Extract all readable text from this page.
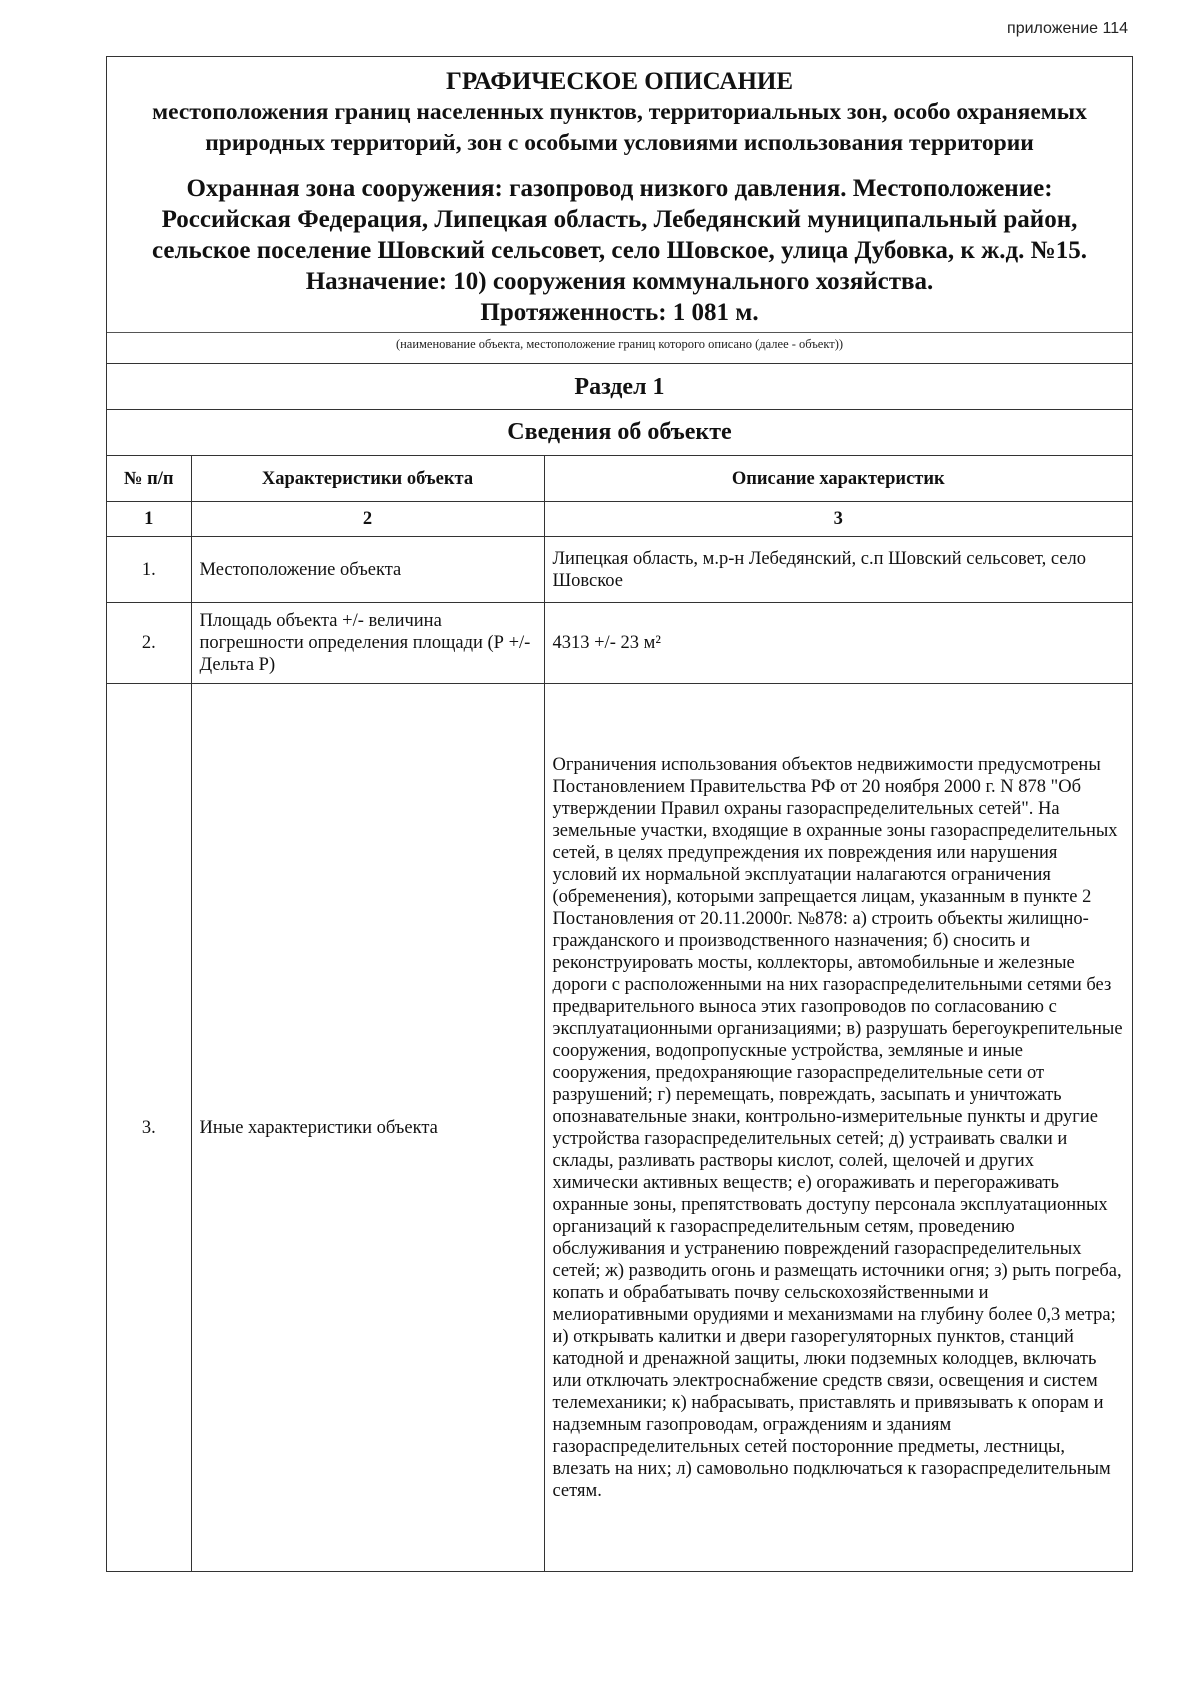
приложение 114
ГРАФИЧЕСКОЕ ОПИСАНИЕ
местоположения границ населенных пунктов, территориальных зон, особо охраняемых природных территорий, зон с особыми условиями использования территории
Охранная зона сооружения: газопровод низкого давления. Местоположение: Российская Федерация, Липецкая область, Лебедянский муниципальный район, сельское поселение Шовский сельсовет, село Шовское, улица Дубовка, к ж.д. №15. Назначение: 10) сооружения коммунального хозяйства.
Протяженность: 1 081 м.
(наименование объекта, местоположение границ которого описано (далее - объект))
Раздел 1
Сведения об объекте
№ п/п	Характеристики объекта	Описание характеристик
1	2	3
1.	Местоположение объекта	Липецкая область, м.р-н Лебедянский, с.п Шовский сельсовет, село Шовское
2.	Площадь объекта +/- величина погрешности определения площади (Р +/- Дельта Р)	4313 +/- 23 м²
3.	Иные характеристики объекта	Ограничения использования объектов недвижимости предусмотрены Постановлением Правительства РФ от 20 ноября 2000 г. N 878 "Об утверждении Правил охраны газораспределительных сетей". На земельные участки, входящие в охранные зоны газораспределительных сетей, в целях предупреждения их повреждения или нарушения условий их нормальной эксплуатации налагаются ограничения (обременения), которыми запрещается лицам, указанным в пункте 2 Постановления от 20.11.2000г. №878: а) строить объекты жилищно-гражданского и производственного назначения; б) сносить и реконструировать мосты, коллекторы, автомобильные и железные дороги с расположенными на них газораспределительными сетями без предварительного выноса этих газопроводов по согласованию с эксплуатационными организациями; в) разрушать берегоукрепительные сооружения, водопропускные устройства, земляные и иные сооружения, предохраняющие газораспределительные сети от разрушений; г) перемещать, повреждать, засыпать и уничтожать опознавательные знаки, контрольно-измерительные пункты и другие устройства газораспределительных сетей; д) устраивать свалки и склады, разливать растворы кислот, солей, щелочей и других химически активных веществ; е) огораживать и перегораживать охранные зоны, препятствовать доступу персонала эксплуатационных организаций к газораспределительным сетям, проведению обслуживания и устранению повреждений газораспределительных сетей; ж) разводить огонь и размещать источники огня; з) рыть погреба, копать и обрабатывать почву сельскохозяйственными и мелиоративными орудиями и механизмами на глубину более 0,3 метра; и) открывать калитки и двери газорегуляторных пунктов, станций катодной и дренажной защиты, люки подземных колодцев, включать или отключать электроснабжение средств связи, освещения и систем телемеханики; к) набрасывать, приставлять и привязывать к опорам и надземным газопроводам, ограждениям и зданиям газораспределительных сетей посторонние предметы, лестницы, влезать на них; л) самовольно подключаться к газораспределительным сетям.
